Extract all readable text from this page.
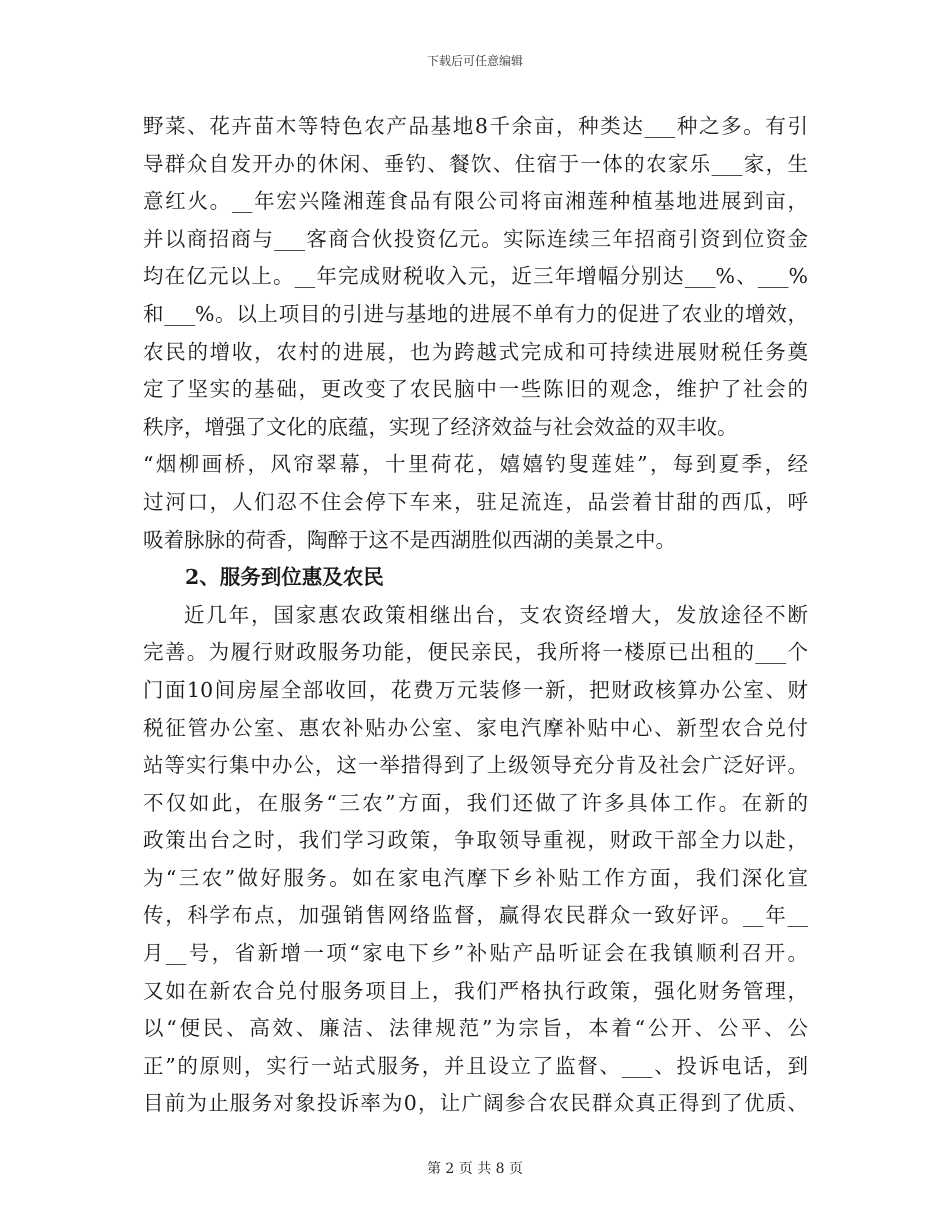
下载后可任意编辑
野菜、花卉苗木等特色农产品基地8千余亩，种类达___种之多。有引
导群众自发开办的休闲、垂钓、餐饮、住宿于一体的农家乐___家，生
意红火。__年宏兴隆湘莲食品有限公司将亩湘莲种植基地进展到亩，
并以商招商与___客商合伙投资亿元。实际连续三年招商引资到位资金
均在亿元以上。__年完成财税收入元，近三年增幅分别达___%、___%
和___%。以上项目的引进与基地的进展不单有力的促进了农业的增效，
农民的增收，农村的进展，也为跨越式完成和可持续进展财税任务奠
定了坚实的基础，更改变了农民脑中一些陈旧的观念，维护了社会的
秩序，增强了文化的底蕴，实现了经济效益与社会效益的双丰收。
“烟柳画桥，风帘翠幕，十里荷花，嬉嬉钓叟莲娃”，每到夏季，经
过河口，人们忍不住会停下车来，驻足流连，品尝着甘甜的西瓜，呼
吸着脉脉的荷香，陶醉于这不是西湖胜似西湖的美景之中。
2、服务到位惠及农民
近几年，国家惠农政策相继出台，支农资经增大，发放途径不断
完善。为履行财政服务功能，便民亲民，我所将一楼原已出租的___个
门面10间房屋全部收回，花费万元装修一新，把财政核算办公室、财
税征管办公室、惠农补贴办公室、家电汽摩补贴中心、新型农合兑付
站等实行集中办公，这一举措得到了上级领导充分肯及社会广泛好评。
不仅如此，在服务“三农”方面，我们还做了许多具体工作。在新的
政策出台之时，我们学习政策，争取领导重视，财政干部全力以赴，
为“三农”做好服务。如在家电汽摩下乡补贴工作方面，我们深化宣
传，科学布点，加强销售网络监督，赢得农民群众一致好评。__年__
月__号，省新增一项“家电下乡”补贴产品听证会在我镇顺利召开。
又如在新农合兑付服务项目上，我们严格执行政策，强化财务管理，
以“便民、高效、廉洁、法律规范”为宗旨，本着“公开、公平、公
正”的原则，实行一站式服务，并且设立了监督、___、投诉电话，到
目前为止服务对象投诉率为0，让广阔参合农民群众真正得到了优质、
第 2 页 共 8 页
